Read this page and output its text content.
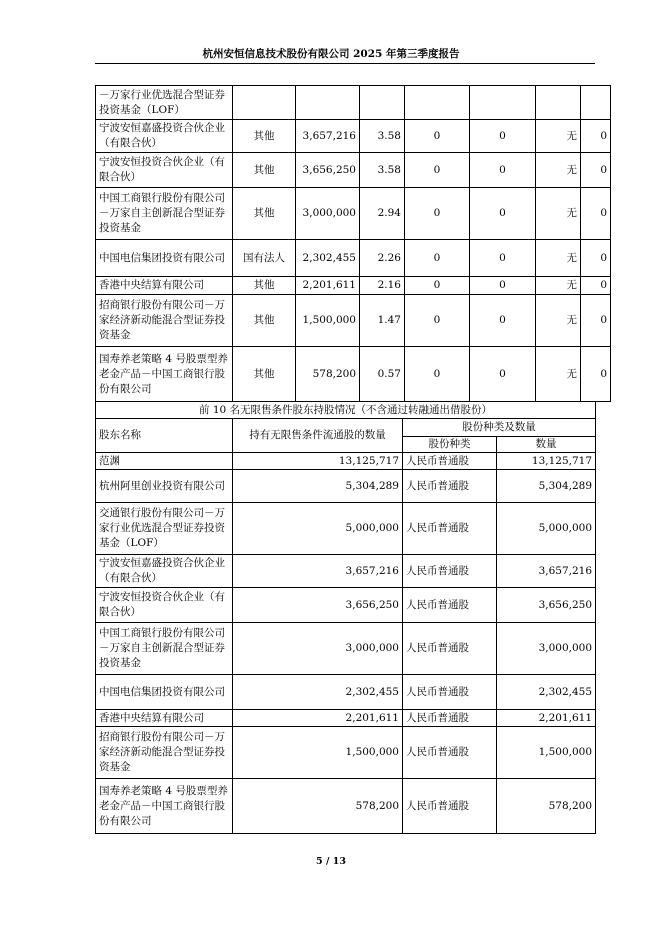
杭州安恒信息技术股份有限公司 2025 年第三季度报告
－万家行业优选混合型证券投资基金（LOF）							
宁波安恒嘉盛投资合伙企业（有限合伙）	其他	3,657,216	3.58	0	0	无	0
宁波安恒投资合伙企业（有限合伙）	其他	3,656,250	3.58	0	0	无	0
中国工商银行股份有限公司－万家自主创新混合型证券投资基金	其他	3,000,000	2.94	0	0	无	0
中国电信集团投资有限公司	国有法人	2,302,455	2.26	0	0	无	0
香港中央结算有限公司	其他	2,201,611	2.16	0	0	无	0
招商银行股份有限公司－万家经济新动能混合型证券投资基金	其他	1,500,000	1.47	0	0	无	0
国寿养老策略 4 号股票型养老金产品－中国工商银行股份有限公司	其他	578,200	0.57	0	0	无	0
前 10 名无限售条件股东持股情况（不含通过转融通出借股份）			
股东名称	持有无限售条件流通股的数量	股份种类及数量	
		股份种类	数量
范渊	13,125,717	人民币普通股	13,125,717
杭州阿里创业投资有限公司	5,304,289	人民币普通股	5,304,289
交通银行股份有限公司－万家行业优选混合型证券投资基金（LOF）	5,000,000	人民币普通股	5,000,000
宁波安恒嘉盛投资合伙企业（有限合伙）	3,657,216	人民币普通股	3,657,216
宁波安恒投资合伙企业（有限合伙）	3,656,250	人民币普通股	3,656,250
中国工商银行股份有限公司－万家自主创新混合型证券投资基金	3,000,000	人民币普通股	3,000,000
中国电信集团投资有限公司	2,302,455	人民币普通股	2,302,455
香港中央结算有限公司	2,201,611	人民币普通股	2,201,611
招商银行股份有限公司－万家经济新动能混合型证券投资基金	1,500,000	人民币普通股	1,500,000
国寿养老策略 4 号股票型养老金产品－中国工商银行股份有限公司	578,200	人民币普通股	578,200
5 / 13
